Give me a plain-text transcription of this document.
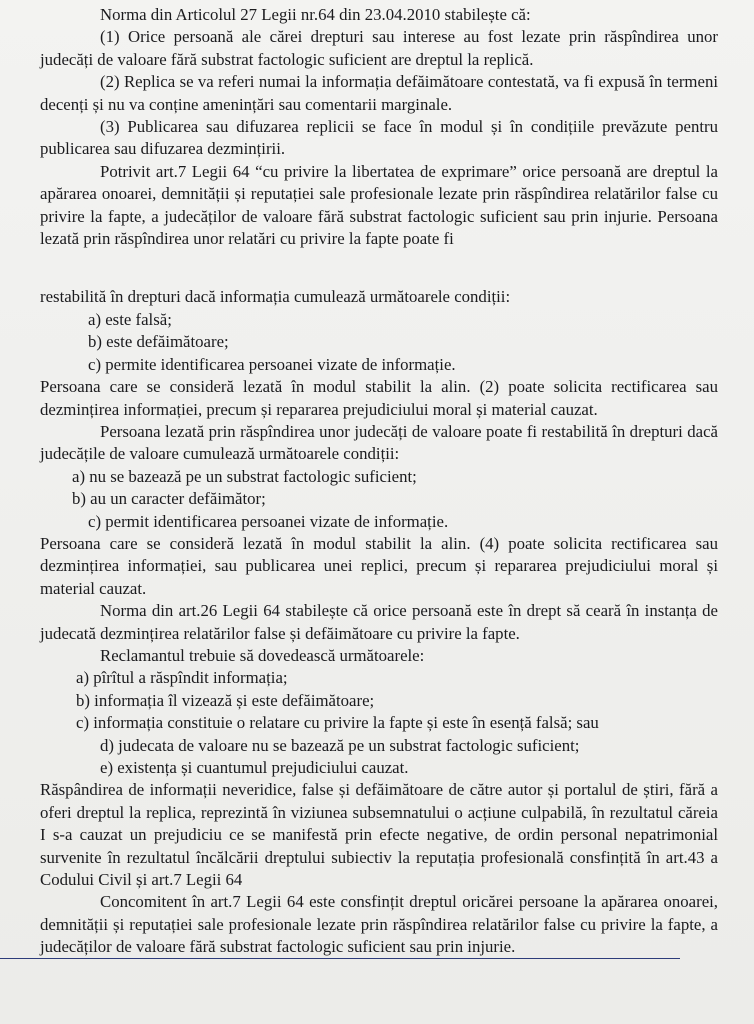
Norma din Articolul 27 Legii nr.64 din 23.04.2010 stabilește că:

(1) Orice persoană ale cărei drepturi sau interese au fost lezate prin răspîndirea unor judecăți de valoare fără substrat factologic suficient are dreptul la replică.

(2) Replica se va referi numai la informația defăimătoare contestată, va fi expusă în termeni decenți și nu va conține amenințări sau comentarii marginale.

(3) Publicarea sau difuzarea replicii se face în modul și în condițiile prevăzute pentru publicarea sau difuzarea dezmințirii.

Potrivit art.7 Legii 64 “cu privire la libertatea de exprimare” orice persoană are dreptul la apărarea onoarei, demnității și reputației sale profesionale lezate prin răspîndirea relatărilor false cu privire la fapte, a judecăților de valoare fără substrat factologic suficient sau prin injurie. Persoana lezată prin răspîndirea unor relatări cu privire la fapte poate fi

restabilită în drepturi dacă informația cumulează următoarele condiții:

a) este falsă;

b) este defăimătoare;

c) permite identificarea persoanei vizate de informație.

Persoana care se consideră lezată în modul stabilit la alin. (2) poate solicita rectificarea sau dezmințirea informației, precum și repararea prejudiciului moral și material cauzat.

Persoana lezată prin răspîndirea unor judecăți de valoare poate fi restabilită în drepturi dacă judecățile de valoare cumulează următoarele condiții:

a) nu se bazează pe un substrat factologic suficient;

b) au un caracter defăimător;

c) permit identificarea persoanei vizate de informație.

Persoana care se consideră lezată în modul stabilit la alin. (4) poate solicita rectificarea sau dezmințirea informației, sau publicarea unei replici, precum și repararea prejudiciului moral și material cauzat.

Norma din art.26 Legii 64 stabilește că orice persoană este în drept să ceară în instanța de judecată dezmințirea relatărilor false și defăimătoare cu privire la fapte.

Reclamantul trebuie să dovedească următoarele:

a) pîrîtul a răspîndit informația;

b) informația îl vizează și este defăimătoare;

c) informația constituie o relatare cu privire la fapte și este în esență falsă; sau

d) judecata de valoare nu se bazează pe un substrat factologic suficient;

e) existența și cuantumul prejudiciului cauzat.

Răspândirea de informații neveridice, false și defăimătoare de către autor și portalul de știri, fără a oferi dreptul la replica, reprezintă în viziunea subsemnatului o acțiune culpabilă, în rezultatul căreia I s-a cauzat un prejudiciu ce se manifestă prin efecte negative, de ordin personal nepatrimonial survenite în rezultatul încălcării dreptului subiectiv la reputația profesională consfințită în art.43 a Codului Civil și art.7 Legii 64

Concomitent în art.7 Legii 64 este consfințit dreptul oricărei persoane la apărarea onoarei, demnității și reputației sale profesionale lezate prin răspîndirea relatărilor false cu privire la fapte, a judecăților de valoare fără substrat factologic suficient sau prin injurie.
